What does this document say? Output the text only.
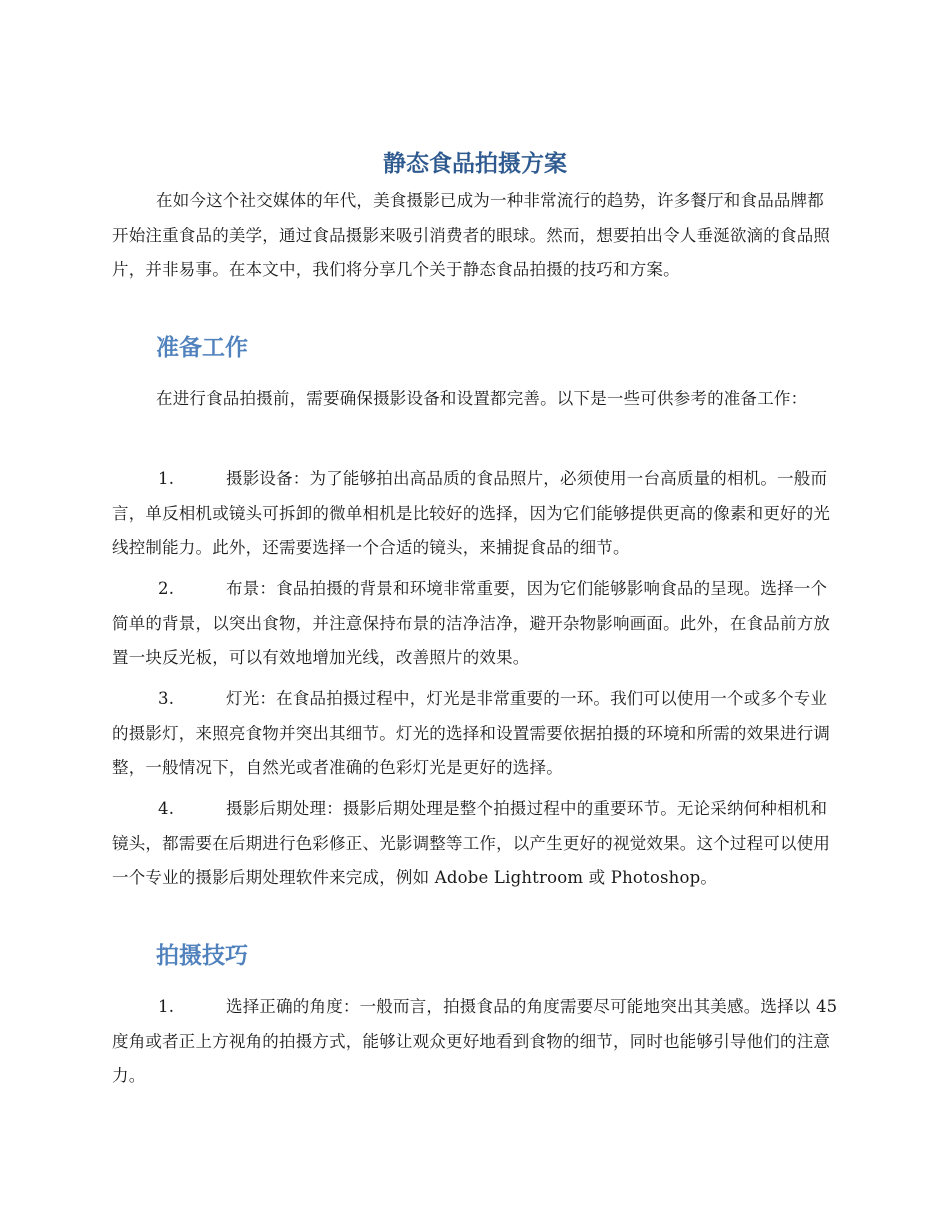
静态食品拍摄方案

在如今这个社交媒体的年代，美食摄影已成为一种非常流行的趋势，许多餐厅和食品品牌都开始注重食品的美学，通过食品摄影来吸引消费者的眼球。然而，想要拍出令人垂涎欲滴的食品照片，并非易事。在本文中，我们将分享几个关于静态食品拍摄的技巧和方案。

准备工作

在进行食品拍摄前，需要确保摄影设备和设置都完善。以下是一些可供参考的准备工作：

1.	摄影设备：为了能够拍出高品质的食品照片，必须使用一台高质量的相机。一般而言，单反相机或镜头可拆卸的微单相机是比较好的选择，因为它们能够提供更高的像素和更好的光线控制能力。此外，还需要选择一个合适的镜头，来捕捉食品的细节。

2.	布景：食品拍摄的背景和环境非常重要，因为它们能够影响食品的呈现。选择一个简单的背景，以突出食物，并注意保持布景的洁净洁净，避开杂物影响画面。此外，在食品前方放置一块反光板，可以有效地增加光线，改善照片的效果。

3.	灯光：在食品拍摄过程中，灯光是非常重要的一环。我们可以使用一个或多个专业的摄影灯，来照亮食物并突出其细节。灯光的选择和设置需要依据拍摄的环境和所需的效果进行调整，一般情况下，自然光或者准确的色彩灯光是更好的选择。

4.	摄影后期处理：摄影后期处理是整个拍摄过程中的重要环节。无论采纳何种相机和镜头，都需要在后期进行色彩修正、光影调整等工作，以产生更好的视觉效果。这个过程可以使用一个专业的摄影后期处理软件来完成，例如 Adobe Lightroom 或 Photoshop。

拍摄技巧

1.	选择正确的角度：一般而言，拍摄食品的角度需要尽可能地突出其美感。选择以 45 度角或者正上方视角的拍摄方式，能够让观众更好地看到食物的细节，同时也能够引导他们的注意力。
